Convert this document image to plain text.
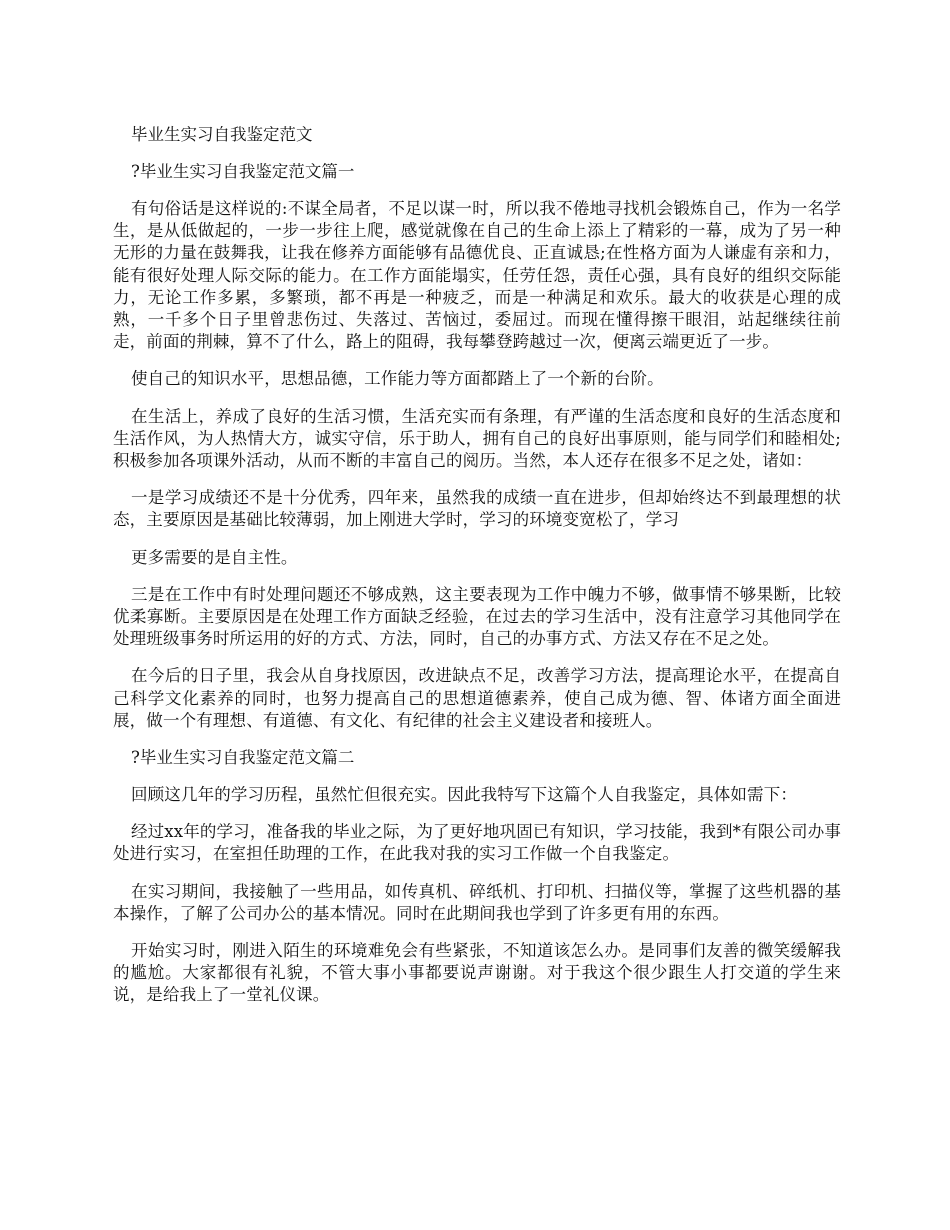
毕业生实习自我鉴定范文

?毕业生实习自我鉴定范文篇一

有句俗话是这样说的:不谋全局者，不足以谋一时，所以我不倦地寻找机会锻炼自己，作为一名学生，是从低做起的，一步一步往上爬，感觉就像在自己的生命上添上了精彩的一幕，成为了另一种无形的力量在鼓舞我，让我在修养方面能够有品德优良、正直诚恳;在性格方面为人谦虚有亲和力，能有很好处理人际交际的能力。在工作方面能塌实，任劳任怨，责任心强，具有良好的组织交际能力，无论工作多累，多繁琐，都不再是一种疲乏，而是一种满足和欢乐。最大的收获是心理的成熟，一千多个日子里曾悲伤过、失落过、苦恼过，委屈过。而现在懂得擦干眼泪，站起继续往前走，前面的荆棘，算不了什么，路上的阻碍，我每攀登跨越过一次，便离云端更近了一步。

使自己的知识水平，思想品德，工作能力等方面都踏上了一个新的台阶。

在生活上，养成了良好的生活习惯，生活充实而有条理，有严谨的生活态度和良好的生活态度和生活作风，为人热情大方，诚实守信，乐于助人，拥有自己的良好出事原则，能与同学们和睦相处;积极参加各项课外活动，从而不断的丰富自己的阅历。当然，本人还存在很多不足之处，诸如：

一是学习成绩还不是十分优秀，四年来，虽然我的成绩一直在进步，但却始终达不到最理想的状态，主要原因是基础比较薄弱，加上刚进大学时，学习的环境变宽松了，学习

更多需要的是自主性。

三是在工作中有时处理问题还不够成熟，这主要表现为工作中魄力不够，做事情不够果断，比较优柔寡断。主要原因是在处理工作方面缺乏经验，在过去的学习生活中，没有注意学习其他同学在处理班级事务时所运用的好的方式、方法，同时，自己的办事方式、方法又存在不足之处。

在今后的日子里，我会从自身找原因，改进缺点不足，改善学习方法，提高理论水平，在提高自己科学文化素养的同时，也努力提高自己的思想道德素养，使自己成为德、智、体诸方面全面进展，做一个有理想、有道德、有文化、有纪律的社会主义建设者和接班人。

?毕业生实习自我鉴定范文篇二

回顾这几年的学习历程，虽然忙但很充实。因此我特写下这篇个人自我鉴定，具体如需下：

经过xx年的学习，准备我的毕业之际，为了更好地巩固已有知识，学习技能，我到*有限公司办事处进行实习，在室担任助理的工作，在此我对我的实习工作做一个自我鉴定。

在实习期间，我接触了一些用品，如传真机、碎纸机、打印机、扫描仪等，掌握了这些机器的基本操作，了解了公司办公的基本情况。同时在此期间我也学到了许多更有用的东西。

开始实习时，刚进入陌生的环境难免会有些紧张，不知道该怎么办。是同事们友善的微笑缓解我的尴尬。大家都很有礼貌，不管大事小事都要说声谢谢。对于我这个很少跟生人打交道的学生来说，是给我上了一堂礼仪课。
